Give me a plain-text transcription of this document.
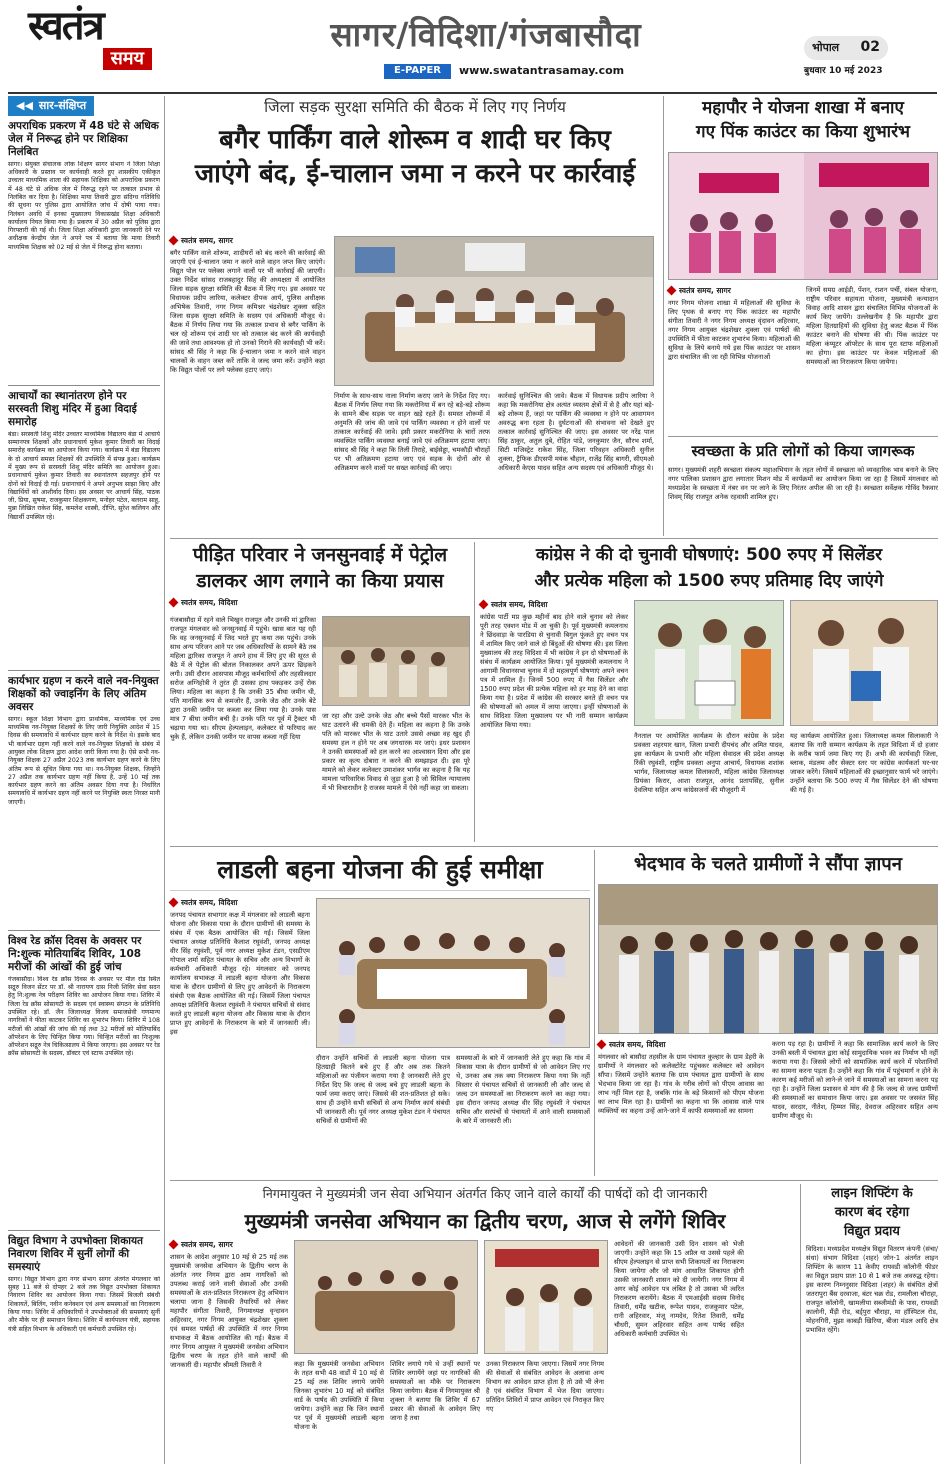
स्वतंत्र
समय
सागर/विदिशा/गंजबासौदा
E-PAPER	www.swatantrasamay.com
भोपाल 02
बुधवार 10 मई 2023
◀◀ सार-संक्षिप्त
अपराधिक प्रकरण में 48 घंटे से अधिक जेल में निरूद्ध होने पर शिक्षिका निलंबित

सागर। संयुक्त संचालक लोक शिक्षण सागर संभाग ने जिला शिक्षा अधिकारी के प्रस्ताव पर कार्यवाही करते हुए शासकीय एकीकृत उच्चतर माध्यमिक शाला की सहायक शिक्षिका को अपराधिक प्रकरण में 48 घंटे से अधिक जेल में निरूद्ध रहने पर तत्काल प्रभाव से निलंबित कर दिया है। शिक्षिका माया तिवारी द्वारा संदिग्ध गतिविधि की सूचना पर पुलिस द्वारा आयोजित जांच में दोषी पाया गया। निलंबन अवधि में इनका मुख्यालय विकासखंड शिक्षा अधिकारी कार्यालय नियत किया गया है। प्रकरण में 30 अप्रैल को पुलिस द्वारा गिरफ्तारी की गई थी। जिला शिक्षा अधिकारी द्वारा जानकारी देने पर अधीक्षक केन्द्रीय जेल ने अपने पत्र में बताया कि माया तिवारी माध्यमिक शिक्षक को 02 मई से जेल में निरूद्ध होना बताया।

आचार्यों का स्थानांतरण होने पर सरस्वती शिशु मंदिर में हुआ विदाई समारोह

बंडा। सरस्वती शिशु मंदिर उच्चतर माध्यमिक विद्यालय बंडा में आचार्य सम्मानपत्र शिक्षकों और प्रधानाचार्य मुकेश कुमार तिवारी का विदाई समारोह कार्यक्रम का आयोजन किया गया। कार्यक्रम में बंडा विद्यालय के दो आचार्य समस्त शिक्षकों की उपस्थिति में संपन्न हुआ। कार्यक्रम में मुख्य रूप से सरस्वती शिशु मंदिर समिति का आयोजन हुआ। प्रधानाचार्य मुकेश कुमार तिवारी का स्थानांतरण सहजपुर होने पर दोनों को विदाई दी गई। प्रधानाचार्य ने अपने अनुभव साझा किए और विद्यार्थियों को आशीर्वाद दिया। इस अवसर पर आचार्य सिंह, पाठक जी, प्रिया, सुषमा, राजकुमार शिक्षकगण, मनोहर पटेल, बलराम साहू, मुन्ना लिखित राकेश सिंह, कमलेश शास्त्री, दीप्ति, सुरेश कलियन और विद्यार्थी उपस्थित रहे।

कार्यभार ग्रहण न करने वाले नव-नियुक्त शिक्षकों को ज्वाइनिंग के लिए अंतिम अवसर

सागर। स्कूल शिक्षा विभाग द्वारा प्राथमिक, माध्यमिक एवं उच्च माध्यमिक नव-नियुक्त शिक्षकों के लिए जारी नियुक्ति आदेश में 15 दिवस की समयावधि में कार्यभार ग्रहण करने के निर्देश थे। इसके बाद भी कार्यभार ग्रहण नहीं करने वाले नव-नियुक्त शिक्षकों के संबंध में आयुक्त लोक शिक्षण द्वारा आदेश जारी किया गया है। ऐसे सभी नव-नियुक्त शिक्षक 27 अप्रैल 2023 तक कार्यभार ग्रहण करने के लिए अंतिम रूप से सूचित किया गया था। नव-नियुक्त शिक्षक, जिन्होंने 27 अप्रैल तक कार्यभार ग्रहण नहीं किया है, उन्हें 10 मई तक कार्यभार ग्रहण करने का अंतिम अवसर दिया गया है। निर्धारित समयावधि में कार्यभार ग्रहण नहीं करने पर नियुक्ति स्वतः निरस्त मानी जाएगी।

विश्व रेड क्रॉस दिवस के अवसर पर नि:शुल्क मोतियाबिंद शिविर, 108 मरीजों की आंखों की हुई जांच

गंजबासौदा। विश्व रेड क्रॉस दिवस के अवसर पर मील रोड स्थित सद्गुरु विजन सेंटर पर डॉ. श्री नारायण दास निजी शिविर सेवा सदन हेतु नि:शुल्क नेत्र परीक्षण शिविर का आयोजन किया गया। शिविर में जिला रेड क्रॉस सोसायटी के सदस्य एवं स्वास्थ्य संगठन के प्रतिनिधि उपस्थित रहे। डॉ. जैन जिलाध्यक्ष विजय समाजसेवी गणमान्य नागरिकों ने फीता काटकर शिविर का शुभारंभ किया। शिविर में 108 मरीजों की आंखों की जांच की गई तथा 32 मरीजों को मोतियाबिंद ऑपरेशन के लिए चिन्हित किया गया। चिन्हित मरीजों का निःशुल्क ऑपरेशन सद्गुरु नेत्र चिकित्सालय में किया जाएगा। इस अवसर पर रेड क्रॉस सोसायटी के सदस्य, डॉक्टर एवं स्टाफ उपस्थित रहे।

विद्युत विभाग ने उपभोक्ता शिकायत निवारण शिविर में सुनीं लोगों की समस्याएं

सागर। विद्युत विभाग द्वारा नगर संभाग सागर अंतर्गत मंगलवार को सुबह 11 बजे से दोपहर 2 बजे तक विद्युत उपभोक्ता शिकायत निवारण शिविर का आयोजन किया गया। जिसमें बिजली संबंधी शिकायतें, बिलिंग, नवीन कनेक्शन एवं अन्य समस्याओं का निराकरण किया गया। शिविर में अधिकारियों ने उपभोक्ताओं की समस्याएं सुनीं और मौके पर ही समाधान किया। शिविर में कार्यपालन यंत्री, सहायक यंत्री सहित विभाग के अधिकारी एवं कर्मचारी उपस्थित रहे।

जिला सड़क सुरक्षा समिति की बैठक में लिए गए निर्णय
बगैर पार्किंग वाले शोरूम व शादी घर किए
जाएंगे बंद, ई-चालान जमा न करने पर कार्रवाई
स्वतंत्र समय, सागर

बगैर पार्किंग वाले शोरूम, शादीघरों को बंद करने की कार्रवाई की जाएगी एवं ई-चालान जमा न करने वाले वाहन जप्त किए जाएंगे। विद्युत पोल पर फ्लेक्स लगाने वालों पर भी कार्रवाई की जाएगी। उक्त निर्देश सांसद राजबहादुर सिंह की अध्यक्षता में आयोजित जिला सड़क सुरक्षा समिति की बैठक में लिए गए। इस अवसर पर विधायक प्रदीप लारिया, कलेक्टर दीपक आर्य, पुलिस अधीक्षक अभिषेक तिवारी, नगर निगम कमिश्नर चंद्रशेखर शुक्ला सहित जिला सड़क सुरक्षा समिति के सदस्य एवं अधिकारी मौजूद थे। बैठक में निर्णय लिया गया कि तत्काल प्रभाव से बगैर पार्किंग के चल रहे शोरूम एवं शादी घर को तत्काल बंद करने की कार्यवाही की जावे तथा आवश्यक हो तो उनको गिराने की कार्यवाही भी करें। सांसद श्री सिंह ने कहा कि ई-चालान जमा न करने वाले वाहन चालकों के वाहन जब्त करें ताकि वे जल्द जमा करें। उन्होंने कहा कि विद्युत पोलों पर लगे फ्लेक्स हटाए जाएं।

निर्माण के साथ-साथ नाला निर्माण कराए जाने के निर्देश दिए गए। बैठक में निर्णय लिया गया कि मकरोनिया में बन रहे बड़े-बड़े शोरूम के सामने बीच सड़क पर वाहन खड़े रहते हैं। समस्त शोरूमों में अनुमति की जांच की जावे एवं पार्किंग व्यवस्था न होने वालों पर तत्काल कार्रवाई की जावे। इसी प्रकार मकरोनिया के चारों तरफ व्यवस्थित पार्किंग व्यवस्था बनाई जावे एवं अतिक्रमण हटाया जाए। सांसद श्री सिंह ने कहा कि तिली तिराहे, बाईसेड्डा, चमकौड़ी चौराहों पर भी अतिक्रमण हटाया जाए एवं सड़क के दोनों ओर से अतिक्रमण करने वालों पर सख्त कार्रवाई की जाए।

कार्रवाई सुनिश्चित की जावे। बैठक में विधायक प्रदीप लारिया ने कहा कि मकरोनिया क्षेत्र अत्यंत व्यस्तम क्षेत्रों में से है और यहां बड़े-बड़े शोरूम हैं, जहां पर पार्किंग की व्यवस्था न होने पर आवागमन अवरुद्ध बना रहता है। दुर्घटनाओं की संभावना को देखते हुए तत्काल कार्रवाई सुनिश्चित की जाए। इस अवसर पर नरेंद्र पाल सिंह ठाकुर, अतुल दुबे, रोहित पांडे, जनकुमार जैन, सौरभ शर्मा, सिटी मजिस्ट्रेट राकेश सिंह, जिला परिवहन अधिकारी सुनील शुक्ला, ट्रैफिक डीएसपी मयंक चौहान, राजेंद्र सिंह बागरी, सीएमओ अधिकारी केएस यादव सहित अन्य सदस्य एवं अधिकारी मौजूद थे।

महापौर ने योजना शाखा में बनाए
गए पिंक काउंटर का किया शुभारंभ
स्वतंत्र समय, सागर

नगर निगम योजना शाखा में महिलाओं की सुविधा के लिए पृथक से बनाए गए पिंक काउंटर का महापौर संगीता तिवारी ने नगर निगम अध्यक्ष वृंदावन अहिरवार, नगर निगम आयुक्त चंद्रशेखर शुक्ला एवं पार्षदों की उपस्थिति में फीता काटकर शुभारंभ किया। महिलाओं की सुविधा के लिये बनाये गये इस पिंक काउंटर पर शासन द्वारा संचालित की जा रही विभिन्न योजनाओं

जिनमें समग्र आईडी, पेंशन, राशन पर्ची, संबल योजना, राष्ट्रीय परिवार सहायता योजना, मुख्यमंत्री कन्यादान विवाह आदि शासन द्वारा संचालित विभिन्न योजनाओं के कार्य किए जायेंगे। उल्लेखनीय है कि महापौर द्वारा महिला हितग्राहियों की सुविधा हेतु बजट बैठक में पिंक काउंटर बनाने की घोषणा की थी। पिंक काउंटर पर महिला कंप्यूटर ऑपरेटर के साथ पूरा स्टाफ महिलाओं का होगा। इस काउंटर पर केवल महिलाओं की समस्याओं का निराकरण किया जायेगा।

स्वच्छता के प्रति लोगों को किया जागरूक

सागर। मुख्यमंत्री शहरी स्वच्छता संकल्प महाअभियान के तहत लोगों में स्वच्छता को व्यवहारिक भाव बनाने के लिए नगर पालिका प्रशासन द्वारा लगातार मिशन मोड में कार्यक्रमों का आयोजन किया जा रहा है जिसमें मंगलवार को मध्यप्रदेश के स्वच्छता में नंबर वन पर लाने के लिए निरंतर अपील की जा रही है। स्वच्छता सर्वेक्षक गोविंद रैकवार शिवम् सिंह राजपूत अनेक रहवासी शामिल हुए।

पीड़ित परिवार ने जनसुनवाई में पेट्रोल
डालकर आग लगाने का किया प्रयास
स्वतंत्र समय, विदिशा

गंजबासौदा में रहने वाले भिखुन राजपूत और उनकी मां द्वारिका राजपूत मंगलवार को जनसुनवाई में पहुंचे। खास बात यह रही कि वह जनसुनवाई में जिद भरते हुए कथा तक पहुंचे। उनके साथ अन्य परिजन आने पर जब अधिकारियों के सामने बैठे तब महिला द्वारिका राजपूत ने अपने हाथ में लिए हुए की सूरत से बैठे में ले पेट्रोल की बोतल निकालकर अपने ऊपर छिड़कने लगी। उसी दौरान आसपास मौजूद कर्मचारियों और तहसीलदार सरोज अग्निहोत्री ने तुरंत ही उसका हाथ पकड़कर उन्हें रोक लिया। महिला का कहना है कि उनकी 35 बीघा जमीन थी, पति मानसिक रूप से कमजोर हैं, उनके जेठ और उनके बेटे द्वारा उनकी जमीन पर कब्जा कर लिया गया है। उनके पास मात्र 7 बीघा जमीन बची है। उनके पति पर पूर्व में ट्रैक्टर भी चढ़ाया गया था। सीएम हेल्पलाइन, कलेक्टर से फरियाद कर चुके हैं, लेकिन उनकी जमीन पर वापस कब्जा नहीं दिया

जा रहा और उल्टे उनके जेठ और बच्चे पैसों मारकर भीत के घाट उतारने की धमकी देते हैं। महिला का कहना है कि उनके पति को मारकर भीत के घाट उतारे उससे अच्छा वह खुद ही समस्या हल न होने पर अब जगधारक मर जाएं। इधर प्रशासन ने उनकी समस्याओं को हल करने का आश्वासन दिया और इस प्रकार का कृत्य दोबारा न करने की समझाइश दी। इस पूरे मामले को लेकर कलेक्टर उमाशंकर भार्गव का कहना है कि यह मामला पारिवारिक विवाद से जुड़ा हुआ है जो सिविल न्यायालय में भी विचाराधीन है राजस्व मामले में ऐसे नहीं कहा जा सकता।

कांग्रेस ने की दो चुनावी घोषणाएं: 500 रुपए में सिलेंडर
और प्रत्येक महिला को 1500 रुपए प्रतिमाह दिए जाएंगे
स्वतंत्र समय, विदिशा

कांग्रेस पार्टी मप्र कुछ महीनों बाद होने वाले चुनाव को लेकर पूरी तरह एक्शन मोड में आ चुकी है। पूर्व मुख्यमंत्री कमलनाथ ने छिंदवाड़ा के पारडिया से चुनावी बिगुल फूंकते हुए वचन पत्र में शामिल किए जाने वाले दो बिंदुओं की घोषणा की। इस जिला मुख्यालय की तरह विदिशा में भी कांग्रेस ने इन दो घोषणाओं के संबंध में कार्यक्रम आयोजित किया। पूर्व मुख्यमंत्री कमलनाथ ने आगामी विधानसभा चुनाव में दो महत्वपूर्ण घोषणाएं अपने वचन पत्र में शामिल हैं। जिनमें 500 रुपए में गैस सिलेंडर और 1500 रुपए प्रदेश की प्रत्येक महिला को हर माह देने का वादा किया गया है। प्रदेश में कांग्रेस की सरकार बनते ही वचन पत्र की घोषणाओं को अमल में लाया जाएगा। इन्हीं घोषणाओं के साथ विदिशा जिला मुख्यालय पर भी नारी सम्मान कार्यक्रम आयोजित किया गया।

नैनताल पर आयोजित कार्यक्रम के दौरान कांग्रेस के प्रदेश प्रवक्ता शहरयार खान, जिला प्रभारी दीपचंद और अमित यादव, इस कार्यक्रम के प्रभारी और महिला सेवादल की प्रदेश अध्यक्ष रिंकी रघुवंशी, राष्ट्रीय प्रवक्ता अनुपा आचार्य, विधायक शशांक भार्गव, जिलाध्यक्ष कमल सिलाकारी, महिला कांग्रेस जिलाध्यक्ष प्रियंका किरार, आशा राजपूत, आनंद प्रतापसिंह, सुनील देवलिया सहित अन्य कांग्रेसजनों की मौजूदगी में

यह कार्यक्रम आयोजित हुआ। जिलाध्यक्ष कमल सिलाकारी ने बताया कि नारी सम्मान कार्यक्रम के तहत विदिशा में दो हजार के करीब फार्म जमा किए गए हैं। अभी की कार्यवाही जिला, ब्लाक, मंडलम और सेक्टर स्तर पर कांग्रेस कार्यकर्ता घर-घर जाकर करेंगे। जिसमें महिलाओं की इच्छानुसार फार्म भरे जाएंगे। उन्होंने बताया कि 500 रुपए में गैस सिलेंडर देने की घोषणा की गई है।

लाडली बहना योजना की हुई समीक्षा
स्वतंत्र समय, विदिशा

जनपद पंचायत सभागार कक्ष में मंगलवार को लाडली बहना योजना और विकास यात्रा के दौरान ग्रामीणों की समस्या के संबंध में एक बैठक आयोजित की गई। जिसमें जिला पंचायत अध्यक्ष प्रतिनिधि कैलाश रघुवंशी, जनपद अध्यक्ष वीर सिंह रघुवंशी, पूर्व नगर अध्यक्ष मुकेश टंडन, एसडीएम गोपाल शर्मा सहित पंचायत के सचिव और अन्य विभागों के कर्मचारी अधिकारी मौजूद रहे। मंगलवार को जनपद कार्यालय सभाकक्ष में लाडली बहना योजना और विकास यात्रा के दौरान ग्रामीणों से लिए हुए आवेदनों के निराकरण संबंधी एक बैठक आयोजित की गई। जिसमें जिला पंचायत अध्यक्ष प्रतिनिधि कैलाश रघुवंशी ने पंचायत सचिवों से संवाद करते हुए लाडली बहना योजना और विकास यात्रा के दौरान प्राप्त हुए आवेदनों के निराकरण के बारे में जानकारी ली। इस

दौरान उन्होंने सचिवों से लाडली बहना योजना पात्र हितग्राही कितने बचे हुए हैं और अब तक कितने महिलाओं का पंजीयन कराया गया है जानकारी लेते हुए निर्देश दिए कि जल्द से जल्द बचे हुए लाडली बहना के फार्म जमा कराए जाएं। जिससे की शत-प्रतिशत हो सके। साथ ही उन्होंने सभी सचिवों से अन्य निर्माण कार्य संबंधी भी जानकारी ली। पूर्व नगर अध्यक्ष मुकेश टंडन ने पंचायत सचिवों से ग्रामीणों की

समस्याओं के बारे में जानकारी लेते हुए कहा कि गांव में विकास यात्रा के दौरान ग्रामीणों से जो आवेदन लिए गए थे, उनका अब तक क्या निराकरण किया गया कि नहीं विस्तार से पंचायत सचिवों से जानकारी ली और जल्द से जल्द उन समस्याओं का निराकरण करने का कहा गया। इस दौरान जनपद अध्यक्ष वीर सिंह रघुवंशी ने पंचायत सचिव और सरपंचों से पंचायतों में आने वाली समस्याओं के बारे में जानकारी ली।

भेदभाव के चलते ग्रामीणों ने सौंपा ज्ञापन
स्वतंत्र समय, विदिशा

मंगलवार को बासौदा तहसील के ग्राम पंचायत कुल्हार के ग्राम डेहरी के ग्रामीणों ने मंगलवार को कलेक्टोरेट पहुंचकर कलेक्टर को आवेदन सौंपा। जिसमें उन्होंने बताया कि ग्राम पंचायत द्वारा ग्रामीणों के साथ भेदभाव किया जा रहा है। गांव के गरीब लोगों को पीएम आवास का लाभ नहीं मिल रहा है, जबकि गांव के बड़े किसानों को पीएम योजना का लाभ मिल रहा है। ग्रामीणों का कहना था कि आवास वाले पात्र व्यक्तियों का कहना उन्हें आने-जाने में काफी समस्याओं का सामना

करना पड़ रहा है। ग्रामीणों ने कहा कि सामाजिक कार्य करने के लिए उनकी बस्ती में पंचायत द्वारा कोई सामुदायिक भवन का निर्माण भी नहीं कराया गया है। जिससे लोगों को सामाजिक कार्य करने में परेशानियों का सामना करना पड़ता है। उन्होंने कहा कि गांव में पहुंचमार्ग न होने के कारण कई मरीजों को लाने-ले जाने में समस्याओं का सामना करना पड़ रहा है। उन्होंने जिला प्रशासन से मांग की है कि जल्द से जल्द ग्रामीणों की समस्याओं का समाधान किया जाए। इस अवसर पर जसवंत सिंह यादव, सरदार, नीतेश, हिम्मत सिंह, देवराज अहिरवार सहित अन्य ग्रामीण मौजूद थे।

निगमायुक्त ने मुख्यमंत्री जन सेवा अभियान अंतर्गत किए जाने वाले कार्यों की पार्षदों को दी जानकारी
मुख्यमंत्री जनसेवा अभियान का द्वितीय चरण, आज से लगेंगे शिविर
स्वतंत्र समय, सागर

शासन के आदेश अनुसार 10 मई से 25 मई तक मुख्यमंत्री जनसेवा अभियान के द्वितीय चरण के अंतर्गत नगर निगम द्वारा आम नागरिकों को उपलब्ध कराई जाने वाली सेवाओं और उनकी समस्याओं के शत-प्रतिशत निराकरण हेतु अभियान चलाया जाना है जिसकी तैयारियों को लेकर महापौर संगीता तिवारी, निगमाध्यक्ष वृन्दावन अहिरवार, नगर निगम आयुक्त चंद्रशेखर शुक्ला एवं समस्त पार्षदों की उपस्थिति में नगर निगम सभाकक्ष में बैठक आयोजित की गई। बैठक में नगर निगम आयुक्त ने मुख्यमंत्री जनसेवा अभियान द्वितीय चरण के तहत होने वाले कार्यों की जानकारी दी। महापौर श्रीमती तिवारी ने	कहा कि मुख्यमंत्री जनसेवा अभियान के तहत सभी 48 वार्डों में 10 मई से 25 मई तक शिविर लगाये जायेंगे जिनका शुभारंभ 10 मई को संबंधित वार्ड के पार्षद की उपस्थिति में किया जायेगा। उन्होंने कहा कि जिन स्थानों पर पूर्व में मुख्यमंत्री लाडली बहना योजना के

शिविर लगाये गये थे उन्हीं स्थानों पर शिविर लगायेंगे जहां पर नागरिकों की समस्याओं का मौके पर निराकरण किया जायेगा। बैठक में निगमायुक्त श्री शुक्ला ने बताया कि शिविर में 67 प्रकार की सेवाओं के आवेदन लिए जाना है तथा

उनका निराकरण किया जाएगा। जिसमें नगर निगम की सेवाओं से संबंधित आवेदन के अलावा अन्य विभाग का आवेदन प्राप्त होता है तो उसे भी लेना है एवं संबंधित विभाग में भेज दिया जाएगा। प्रतिदिन शिविरों में प्राप्त आवेदन एवं निराकृत किए गए

आवेदनों की जानकारी उसी दिन शासन को भेजी जाएगी। उन्होंने कहा कि 15 अप्रैल या उससे पहले की सीएम हेल्पलाइन से प्राप्त सभी शिकायतों का निराकरण किया जायेगा और जो मांग आधारित शिकायत होगी उसकी जानकारी शासन को दी जायेगी। नगर निगम में अगर कोई आवेदन पत्र लंबित है तो उसका भी त्वरित निराकरण करायेंगे। बैठक में एमआईसी सदस्य विनोद तिवारी, धर्मेंद्र खटीक, रूपेश यादव, राजकुमार पटेल, रानी अहिरवार, मंजू नामदेव, रितेश तिवारी, धर्मेंद्र चौधरी, सुमन अहिरवार सहित अन्य पार्षद सहित अधिकारी कर्मचारी उपस्थित थे।

लाइन शिफ्टिंग के
कारण बंद रहेगा
विद्युत प्रदाय

विदिशा। मध्यप्रदेश मध्यक्षेत्र विद्युत वितरण कंपनी (संचा/संधा) संभाग विदिशा (शहर) जोन-1 अंतर्गत लाइन शिफ्टिंग के कारण 11 केवीए रायवडी कॉलोनी फीडर का विद्युत प्रदाय प्रातः 10 से 1 बजे तक अवरुद्ध रहेगा। इस कारण निम्ननुसार विदिशा (शहर) के संबंधित क्षेत्रों जतरापुरा बैंस दरवाजा, बंटर चक्र रोड, रामलीला चौराहा, राजपूत कॉलोनी, खामलीया सब्जीमंडी के पास, रायवडी कालोनी, मैंड़ी रोड, बर्ड्पुरा चौराहा, मा हॉस्पिटल रोड, मोहनगिरी, मुझा काबड़ी खिरिया, बीजा मंडल आदि क्षेत्र प्रभावित रहेंगे।
